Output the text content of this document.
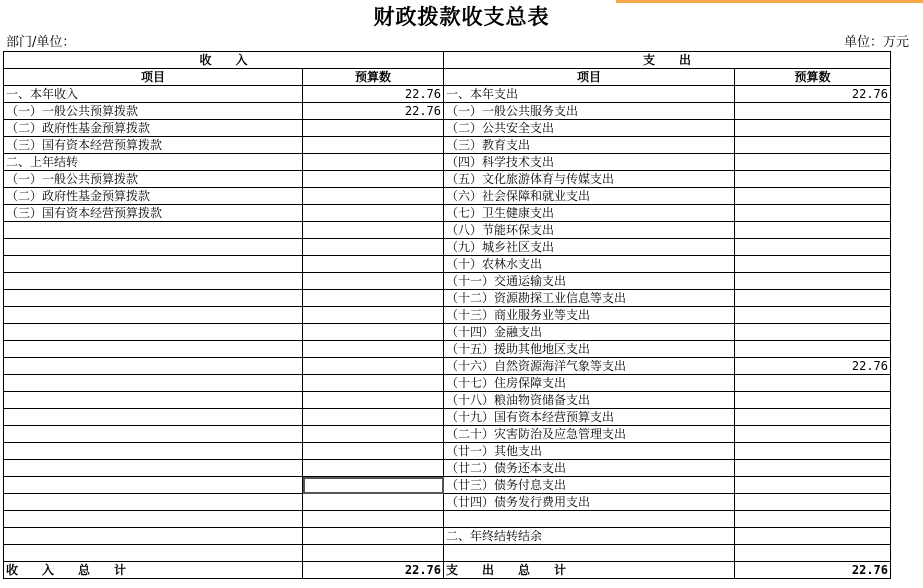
财政拨款收支总表
部门/单位：	单位：万元
收　　入		支　　出	
项目	预算数	项目	预算数
一、本年收入	22.76	一、本年支出	22.76
（一）一般公共预算拨款	22.76	（一）一般公共服务支出	
（二）政府性基金预算拨款		（二）公共安全支出	
（三）国有资本经营预算拨款		（三）教育支出	
二、上年结转		（四）科学技术支出	
（一）一般公共预算拨款		（五）文化旅游体育与传媒支出	
（二）政府性基金预算拨款		（六）社会保障和就业支出	
（三）国有资本经营预算拨款		（七）卫生健康支出	
		（八）节能环保支出	
		（九）城乡社区支出	
		（十）农林水支出	
		（十一）交通运输支出	
		（十二）资源勘探工业信息等支出	
		（十三）商业服务业等支出	
		（十四）金融支出	
		（十五）援助其他地区支出	
		（十六）自然资源海洋气象等支出	22.76
		（十七）住房保障支出	
		（十八）粮油物资储备支出	
		（十九）国有资本经营预算支出	
		（二十）灾害防治及应急管理支出	
		（廿一）其他支出	
		（廿二）债务还本支出	
		（廿三）债务付息支出	
		（廿四）债务发行费用支出	

		二、年终结转结余	

收　　入　　总　　计	22.76	支　　出　　总　　计	22.76
